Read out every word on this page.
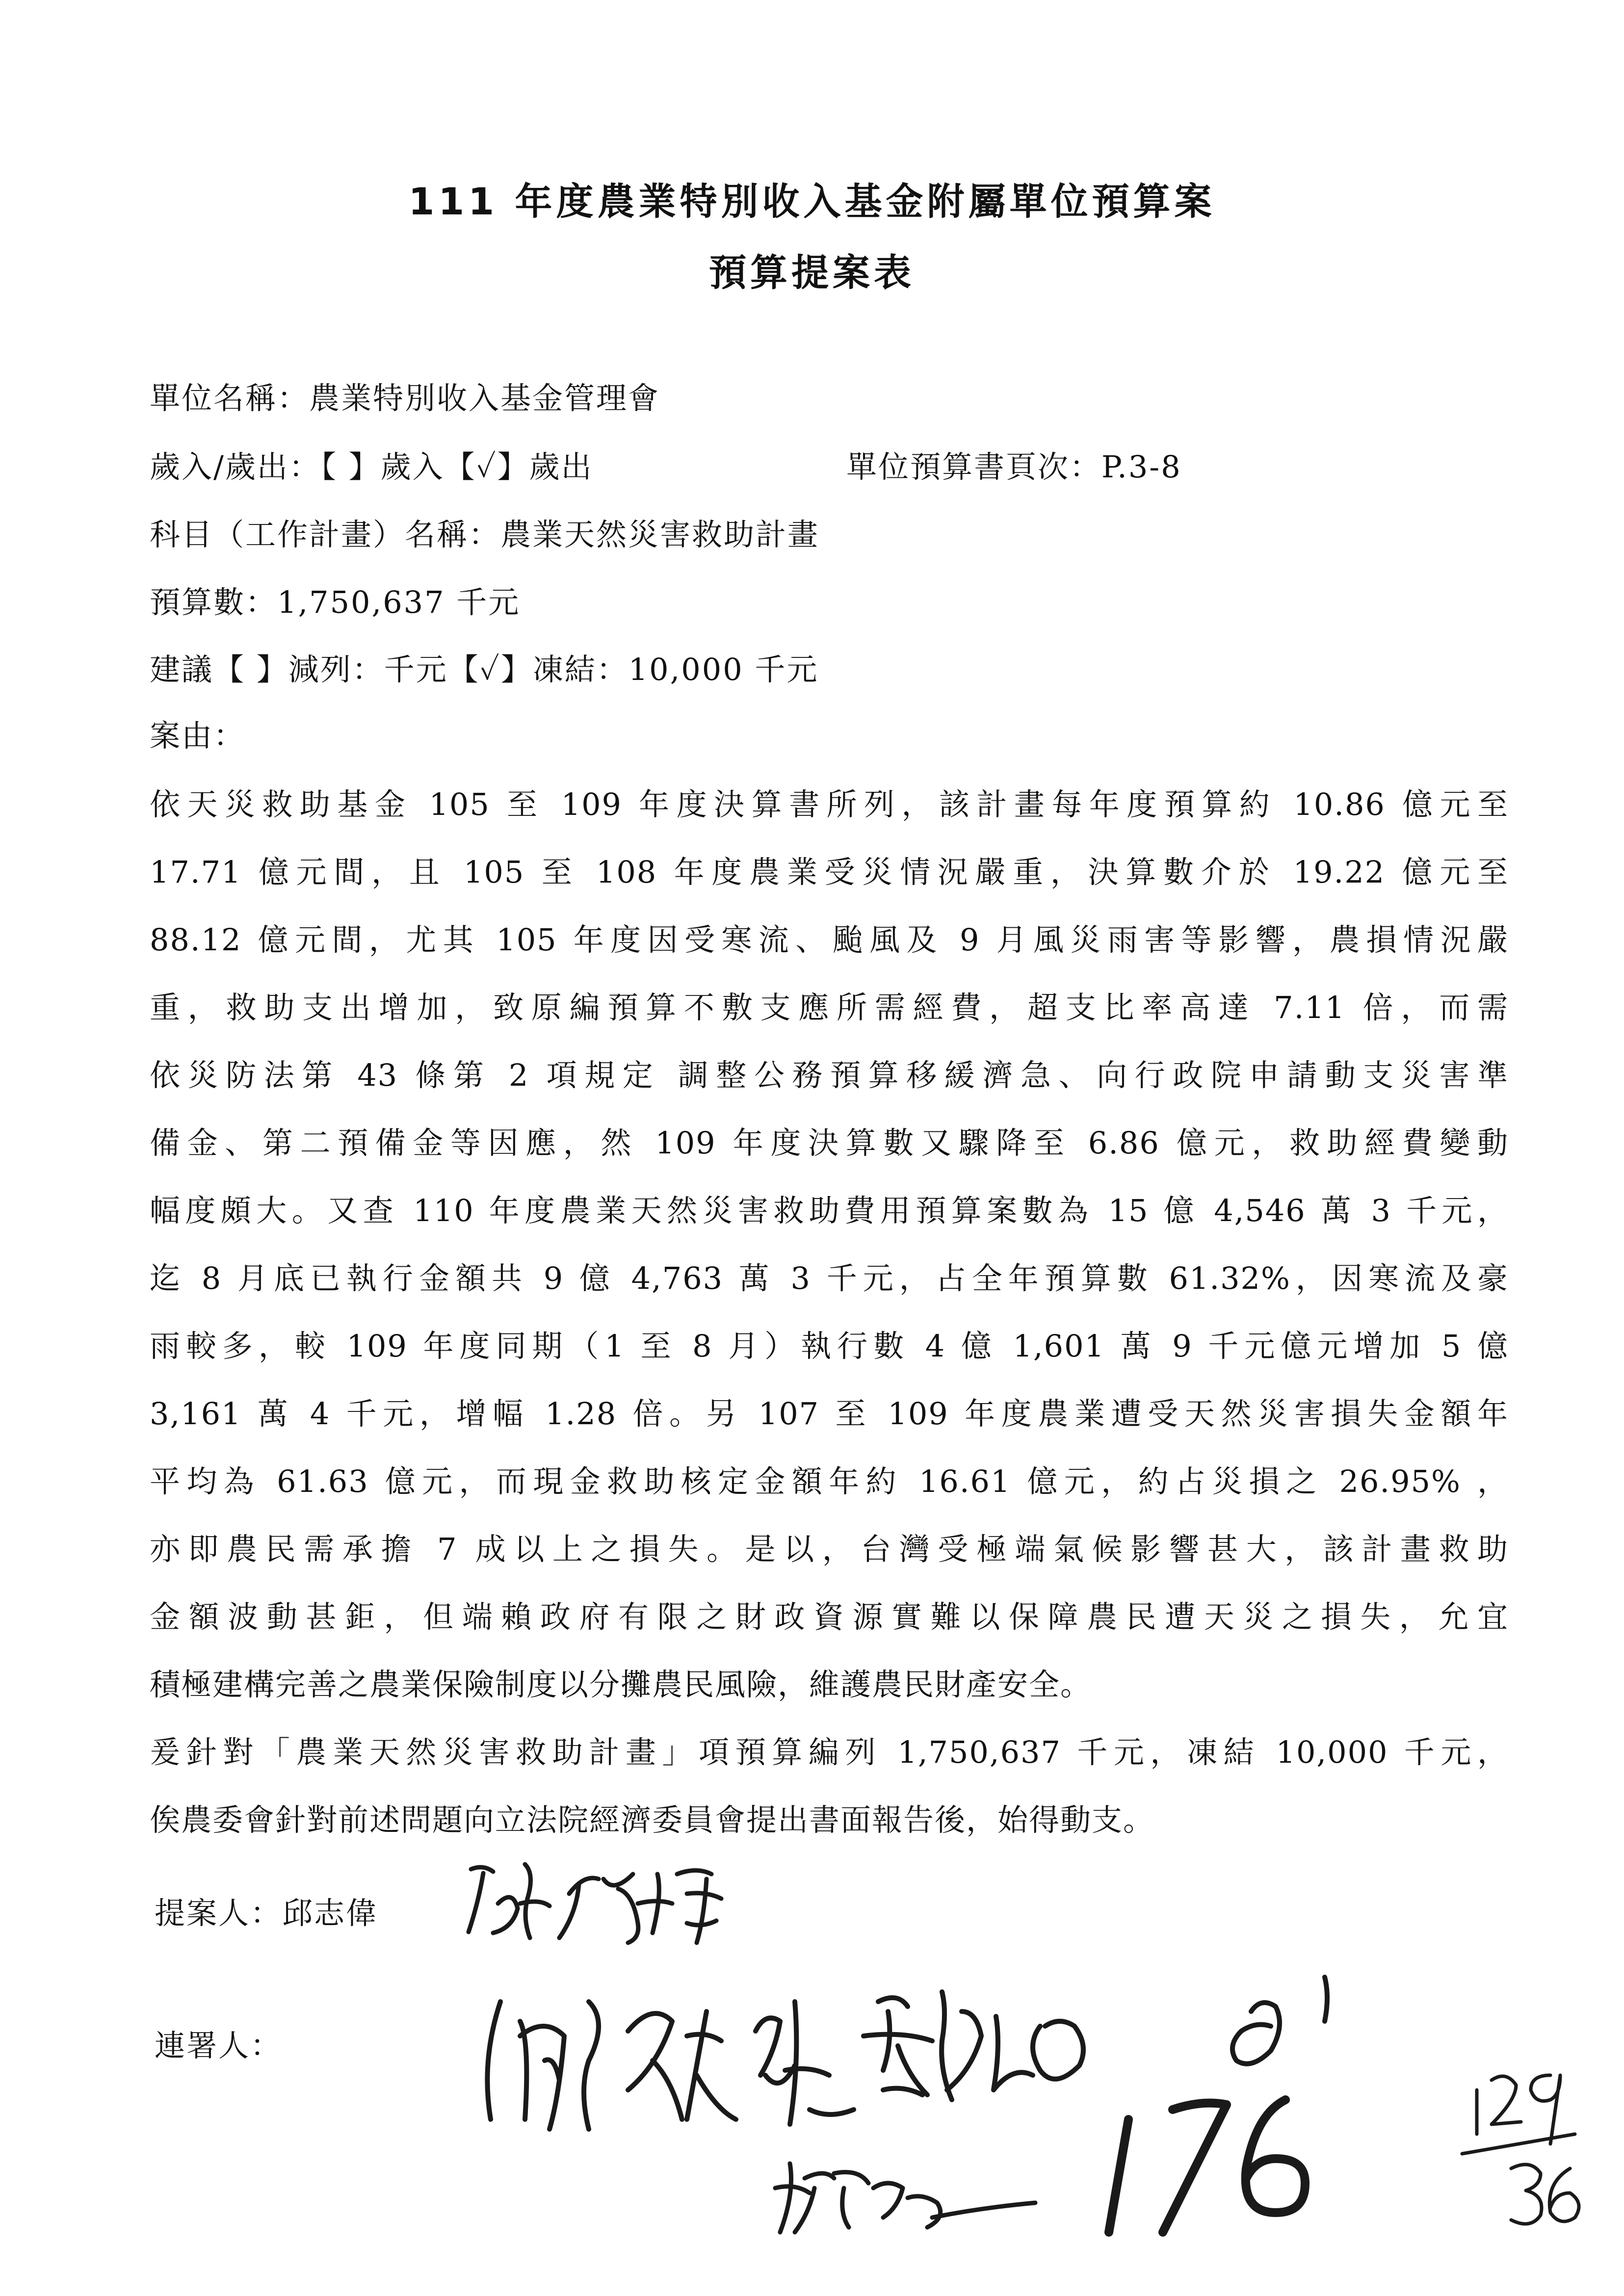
111 年度農業特別收入基金附屬單位預算案
預算提案表
單位名稱：農業特別收入基金管理會
歲入/歲出：【 】歲入【✓】歲出	單位預算書頁次：P.3-8
科目（工作計畫）名稱：農業天然災害救助計畫
預算數：1,750,637 千元
建議【 】減列：千元【✓】凍結：10,000 千元
案由：
依天災救助基金 105 至 109 年度決算書所列，該計畫每年度預算約 10.86 億元至
17.71 億元間，且 105 至 108 年度農業受災情況嚴重，決算數介於 19.22 億元至
88.12 億元間，尤其 105 年度因受寒流、颱風及 9 月風災雨害等影響，農損情況嚴
重，救助支出增加，致原編預算不敷支應所需經費，超支比率高達 7.11 倍，而需
依災防法第 43 條第 2 項規定 調整公務預算移緩濟急、向行政院申請動支災害準
備金、第二預備金等因應，然 109 年度決算數又驟降至 6.86 億元，救助經費變動
幅度頗大。又查 110 年度農業天然災害救助費用預算案數為 15 億 4,546 萬 3 千元，
迄 8 月底已執行金額共 9 億 4,763 萬 3 千元，占全年預算數 61.32%，因寒流及豪
雨較多，較 109 年度同期（1 至 8 月）執行數 4 億 1,601 萬 9 千元億元增加 5 億
3,161 萬 4 千元，增幅 1.28 倍。另 107 至 109 年度農業遭受天然災害損失金額年
平均為 61.63 億元，而現金救助核定金額年約 16.61 億元，約占災損之 26.95% ，
亦即農民需承擔 7 成以上之損失。是以，台灣受極端氣候影響甚大，該計畫救助
金額波動甚鉅，但端賴政府有限之財政資源實難以保障農民遭天災之損失，允宜
積極建構完善之農業保險制度以分攤農民風險，維護農民財產安全。
爰針對「農業天然災害救助計畫」項預算編列 1,750,637 千元，凍結 10,000 千元，
俟農委會針對前述問題向立法院經濟委員會提出書面報告後，始得動支。
提案人：邱志偉
連署人：
